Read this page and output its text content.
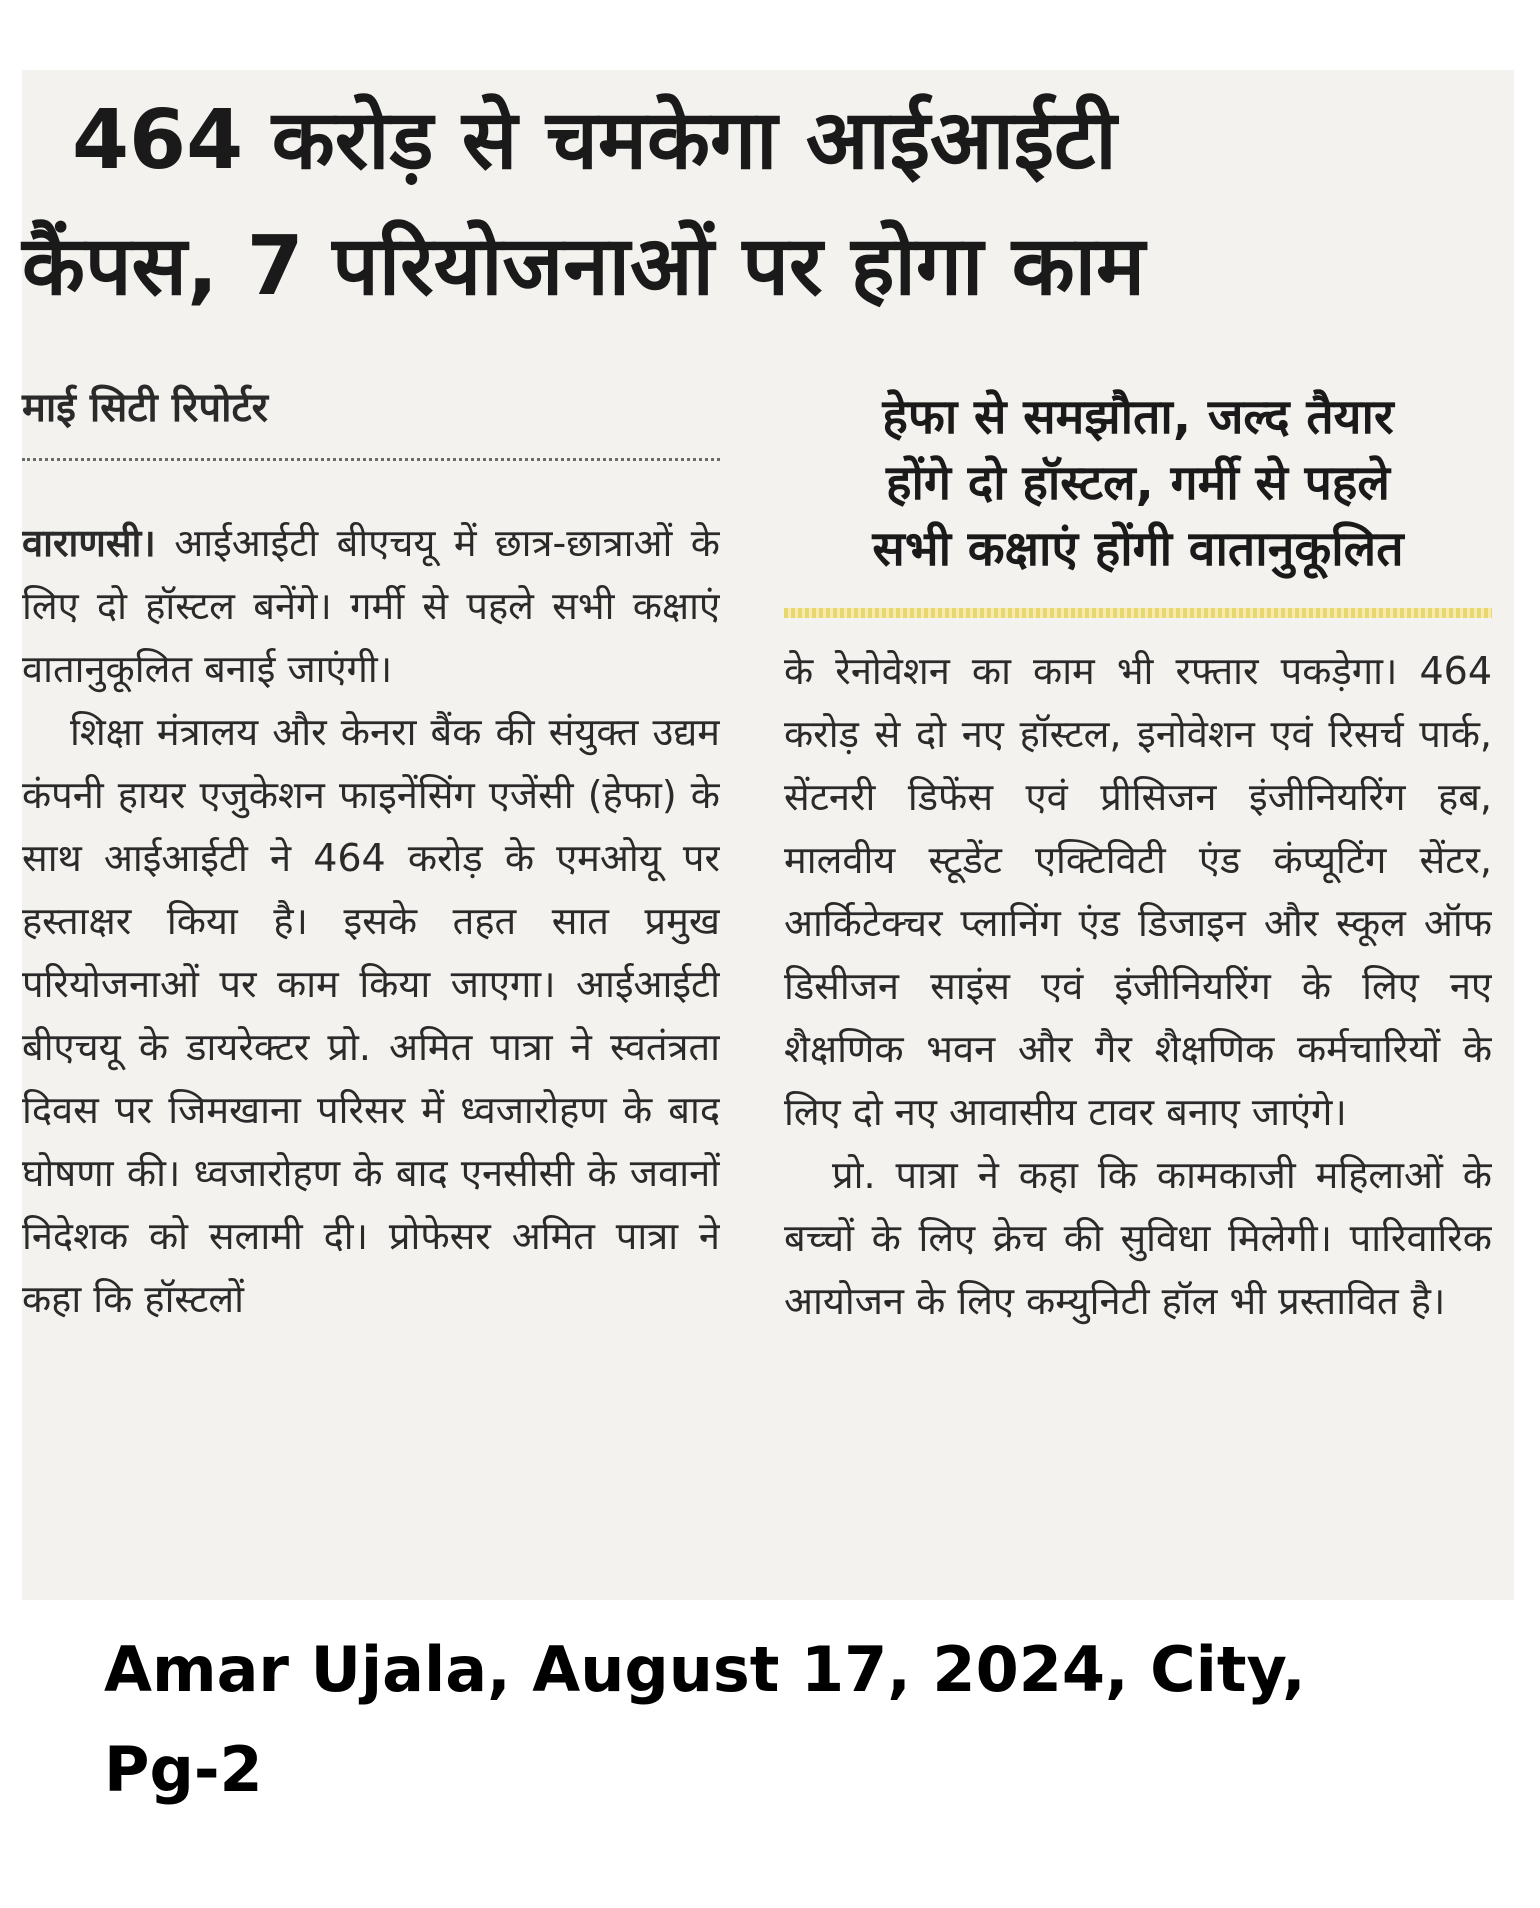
464 करोड़ से चमकेगा आईआईटी
कैंपस, 7 परियोजनाओं पर होगा काम
माई सिटी रिपोर्टर

वाराणसी। आईआईटी बीएचयू में छात्र-छात्राओं के लिए दो हॉस्टल बनेंगे। गर्मी से पहले सभी कक्षाएं वातानुकूलित बनाई जाएंगी।

शिक्षा मंत्रालय और केनरा बैंक की संयुक्त उद्यम कंपनी हायर एजुकेशन फाइनेंसिंग एजेंसी (हेफा) के साथ आईआईटी ने 464 करोड़ के एमओयू पर हस्ताक्षर किया है। इसके तहत सात प्रमुख परियोजनाओं पर काम किया जाएगा। आईआईटी बीएचयू के डायरेक्टर प्रो. अमित पात्रा ने स्वतंत्रता दिवस पर जिमखाना परिसर में ध्वजारोहण के बाद घोषणा की। ध्वजारोहण के बाद एनसीसी के जवानों निदेशक को सलामी दी। प्रोफेसर अमित पात्रा ने कहा कि हॉस्टलों

हेफा से समझौता, जल्द तैयार
होंगे दो हॉस्टल, गर्मी से पहले
सभी कक्षाएं होंगी वातानुकूलित

के रेनोवेशन का काम भी रफ्तार पकड़ेगा। 464 करोड़ से दो नए हॉस्टल, इनोवेशन एवं रिसर्च पार्क, सेंटनरी डिफेंस एवं प्रीसिजन इंजीनियरिंग हब, मालवीय स्टूडेंट एक्टिविटी एंड कंप्यूटिंग सेंटर, आर्किटेक्चर प्लानिंग एंड डिजाइन और स्कूल ऑफ डिसीजन साइंस एवं इंजीनियरिंग के लिए नए शैक्षणिक भवन और गैर शैक्षणिक कर्मचारियों के लिए दो नए आवासीय टावर बनाए जाएंगे।

प्रो. पात्रा ने कहा कि कामकाजी महिलाओं के बच्चों के लिए क्रेच की सुविधा मिलेगी। पारिवारिक आयोजन के लिए कम्युनिटी हॉल भी प्रस्तावित है।

Amar Ujala, August 17, 2024, City,
Pg-2
